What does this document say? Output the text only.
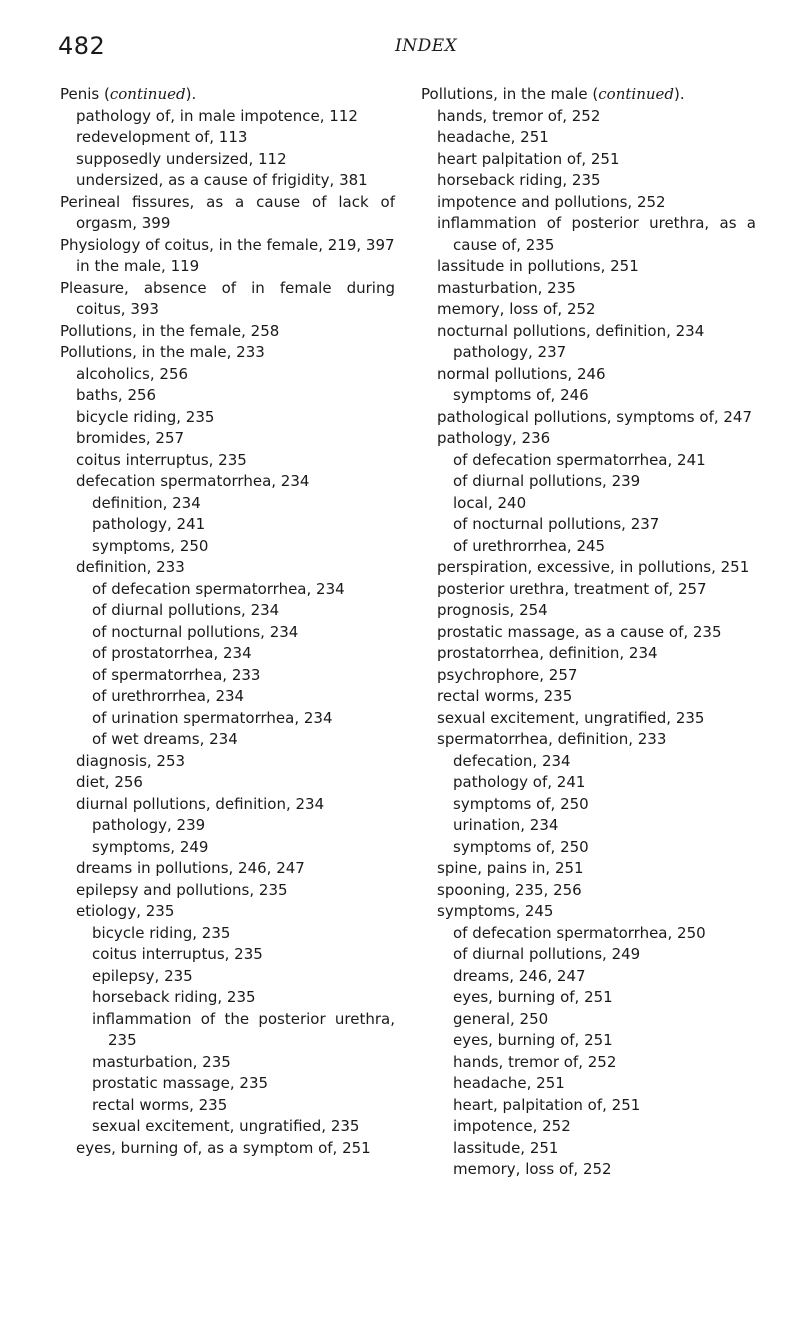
482	INDEX

Penis (continued).

pathology of, in male impotence, 112

redevelopment of, 113

supposedly undersized, 112

undersized, as a cause of frigidity, 381

Perineal fissures, as a cause of lack of orgasm, 399

Physiology of coitus, in the female, 219, 397

in the male, 119

Pleasure, absence of in female during coitus, 393

Pollutions, in the female, 258

Pollutions, in the male, 233

alcoholics, 256

baths, 256

bicycle riding, 235

bromides, 257

coitus interruptus, 235

defecation spermatorrhea, 234

definition, 234

pathology, 241

symptoms, 250

definition, 233

of defecation spermatorrhea, 234

of diurnal pollutions, 234

of nocturnal pollutions, 234

of prostatorrhea, 234

of spermatorrhea, 233

of urethrorrhea, 234

of urination spermatorrhea, 234

of wet dreams, 234

diagnosis, 253

diet, 256

diurnal pollutions, definition, 234

pathology, 239

symptoms, 249

dreams in pollutions, 246, 247

epilepsy and pollutions, 235

etiology, 235

bicycle riding, 235

coitus interruptus, 235

epilepsy, 235

horseback riding, 235

inflammation of the posterior urethra, 235

masturbation, 235

prostatic massage, 235

rectal worms, 235

sexual excitement, ungratified, 235

eyes, burning of, as a symptom of, 251

Pollutions, in the male (continued).

hands, tremor of, 252

headache, 251

heart palpitation of, 251

horseback riding, 235

impotence and pollutions, 252

inflammation of posterior urethra, as a cause of, 235

lassitude in pollutions, 251

masturbation, 235

memory, loss of, 252

nocturnal pollutions, definition, 234

pathology, 237

normal pollutions, 246

symptoms of, 246

pathological pollutions, symptoms of, 247

pathology, 236

of defecation spermatorrhea, 241

of diurnal pollutions, 239

local, 240

of nocturnal pollutions, 237

of urethrorrhea, 245

perspiration, excessive, in pollutions, 251

posterior urethra, treatment of, 257

prognosis, 254

prostatic massage, as a cause of, 235

prostatorrhea, definition, 234

psychrophore, 257

rectal worms, 235

sexual excitement, ungratified, 235

spermatorrhea, definition, 233

defecation, 234

pathology of, 241

symptoms of, 250

urination, 234

symptoms of, 250

spine, pains in, 251

spooning, 235, 256

symptoms, 245

of defecation spermatorrhea, 250

of diurnal pollutions, 249

dreams, 246, 247

eyes, burning of, 251

general, 250

eyes, burning of, 251

hands, tremor of, 252

headache, 251

heart, palpitation of, 251

impotence, 252

lassitude, 251

memory, loss of, 252
